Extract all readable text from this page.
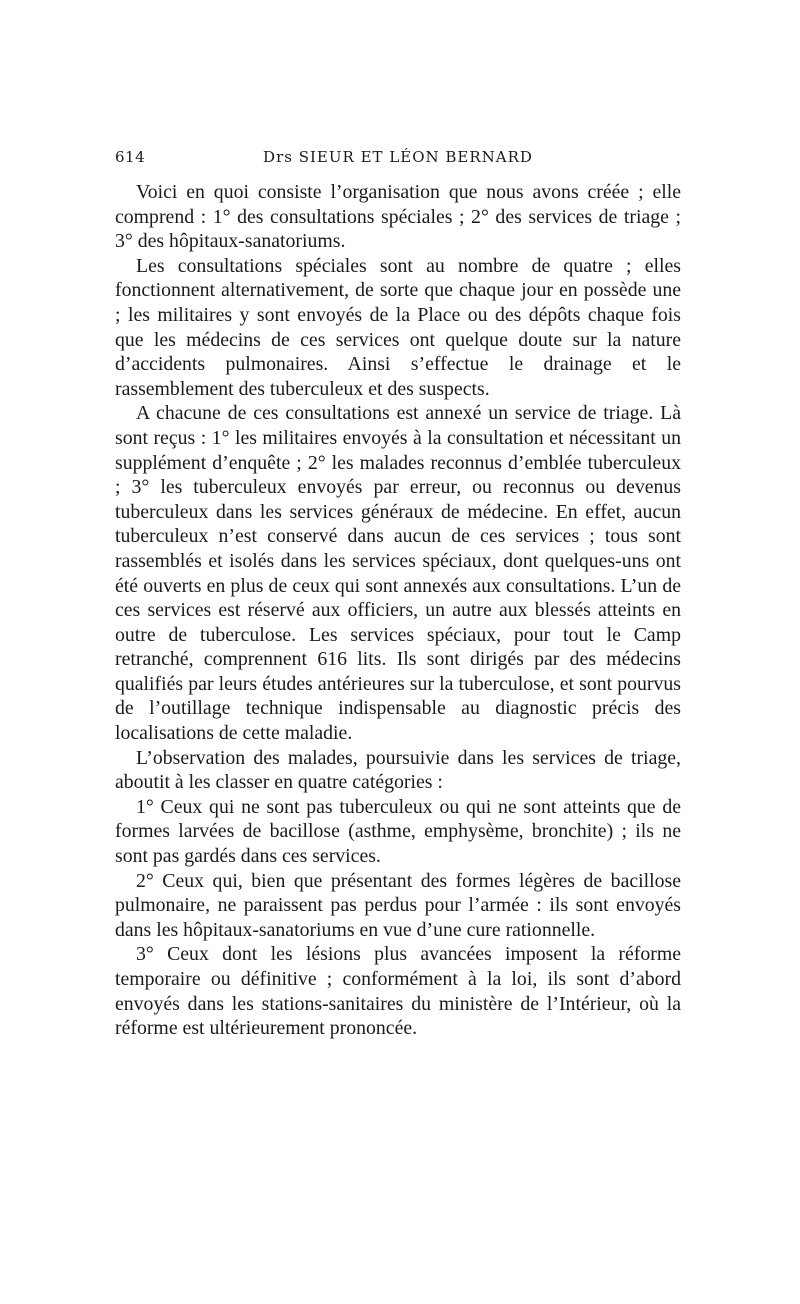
614	Drs SIEUR ET LÉON BERNARD

Voici en quoi consiste l’organisation que nous avons créée ; elle comprend : 1° des consultations spéciales ; 2° des services de triage ; 3° des hôpitaux-sanatoriums.

Les consultations spéciales sont au nombre de quatre ; elles fonctionnent alternativement, de sorte que chaque jour en possède une ; les militaires y sont envoyés de la Place ou des dépôts chaque fois que les médecins de ces services ont quelque doute sur la nature d’accidents pulmonaires. Ainsi s’effectue le drainage et le rassemblement des tuberculeux et des suspects.

A chacune de ces consultations est annexé un service de triage. Là sont reçus : 1° les militaires envoyés à la consultation et nécessitant un supplément d’enquête ; 2° les malades reconnus d’emblée tuberculeux ; 3° les tuberculeux envoyés par erreur, ou reconnus ou devenus tuberculeux dans les services généraux de médecine. En effet, aucun tuberculeux n’est conservé dans aucun de ces services ; tous sont rassemblés et isolés dans les services spéciaux, dont quelques-uns ont été ouverts en plus de ceux qui sont annexés aux consultations. L’un de ces services est réservé aux officiers, un autre aux blessés atteints en outre de tuberculose. Les services spéciaux, pour tout le Camp retranché, comprennent 616 lits. Ils sont dirigés par des médecins qualifiés par leurs études antérieures sur la tuberculose, et sont pourvus de l’outillage technique indispensable au diagnostic précis des localisations de cette maladie.

L’observation des malades, poursuivie dans les services de triage, aboutit à les classer en quatre catégories :

1° Ceux qui ne sont pas tuberculeux ou qui ne sont atteints que de formes larvées de bacillose (asthme, emphysème, bronchite) ; ils ne sont pas gardés dans ces services.

2° Ceux qui, bien que présentant des formes légères de bacillose pulmonaire, ne paraissent pas perdus pour l’armée : ils sont envoyés dans les hôpitaux-sanatoriums en vue d’une cure rationnelle.

3° Ceux dont les lésions plus avancées imposent la réforme temporaire ou définitive ; conformément à la loi, ils sont d’abord envoyés dans les stations-sanitaires du ministère de l’Intérieur, où la réforme est ultérieurement prononcée.
